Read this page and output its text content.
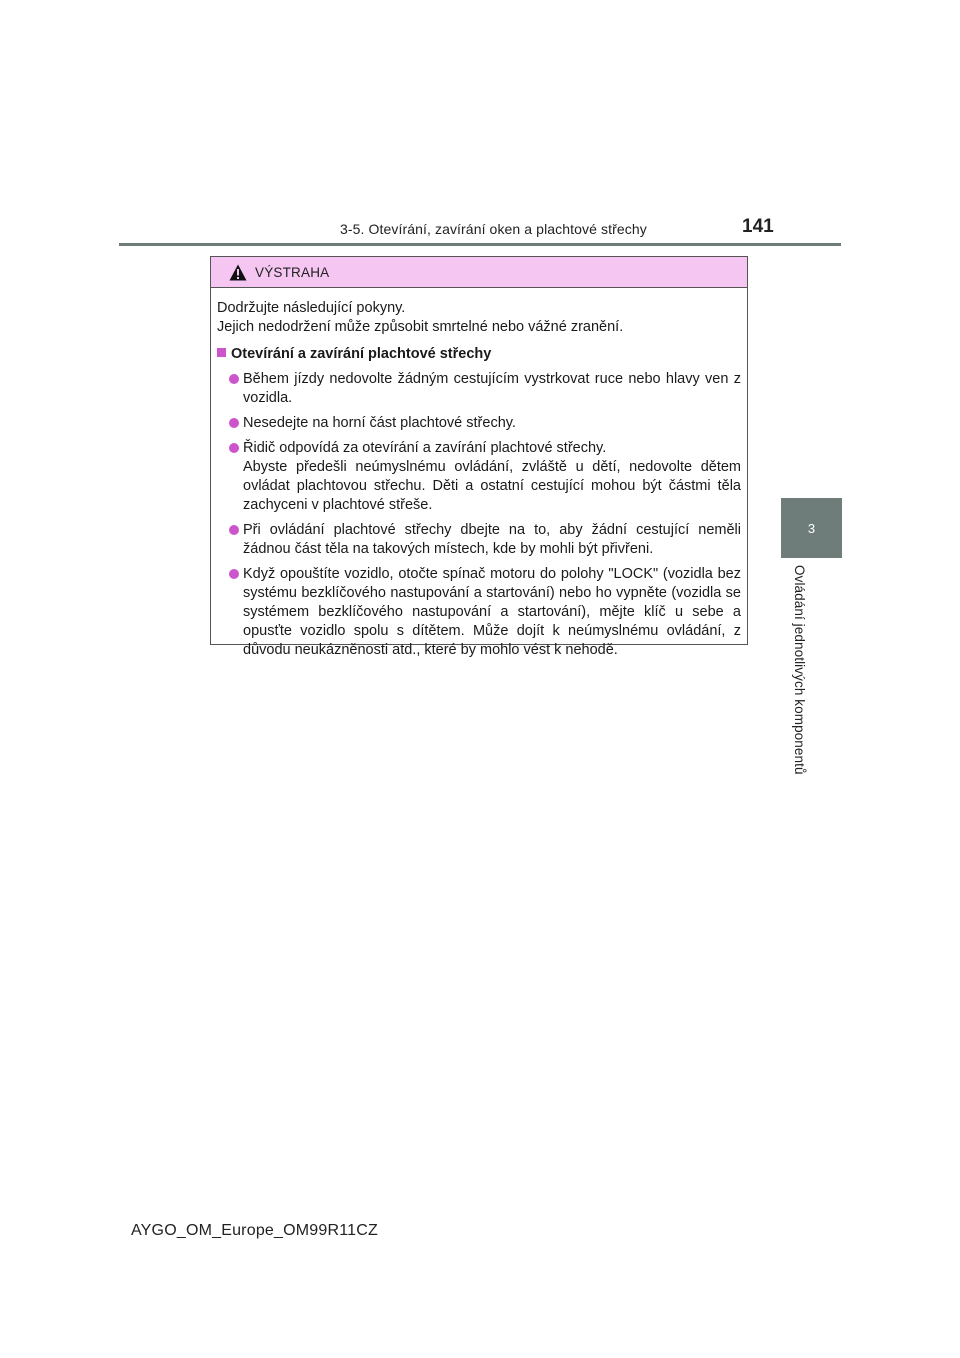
3-5. Otevírání, zavírání oken a plachtové střechy	141
3
Ovládání jednotlivých komponentů
VÝSTRAHA

Dodržujte následující pokyny.

Jejich nedodržení může způsobit smrtelné nebo vážné zranění.

Otevírání a zavírání plachtové střechy
Během jízdy nedovolte žádným cestujícím vystrkovat ruce nebo hlavy ven z vozidla.
Nesedejte na horní část plachtové střechy.
Řidič odpovídá za otevírání a zavírání plachtové střechy.
Abyste předešli neúmyslnému ovládání, zvláště u dětí, nedovolte dětem ovládat plachtovou střechu. Děti a ostatní cestující mohou být částmi těla zachyceni v plachtové střeše.
Při ovládání plachtové střechy dbejte na to, aby žádní cestující neměli žádnou část těla na takových místech, kde by mohli být přivřeni.
Když opouštíte vozidlo, otočte spínač motoru do polohy "LOCK" (vozidla bez systému bezklíčového nastupování a startování) nebo ho vypněte (vozidla se systémem bezklíčového nastupování a startování), mějte klíč u sebe a opusťte vozidlo spolu s dítětem. Může dojít k neúmyslnému ovládání, z důvodu neukázněnosti atd., které by mohlo vést k nehodě.
AYGO_OM_Europe_OM99R11CZ
